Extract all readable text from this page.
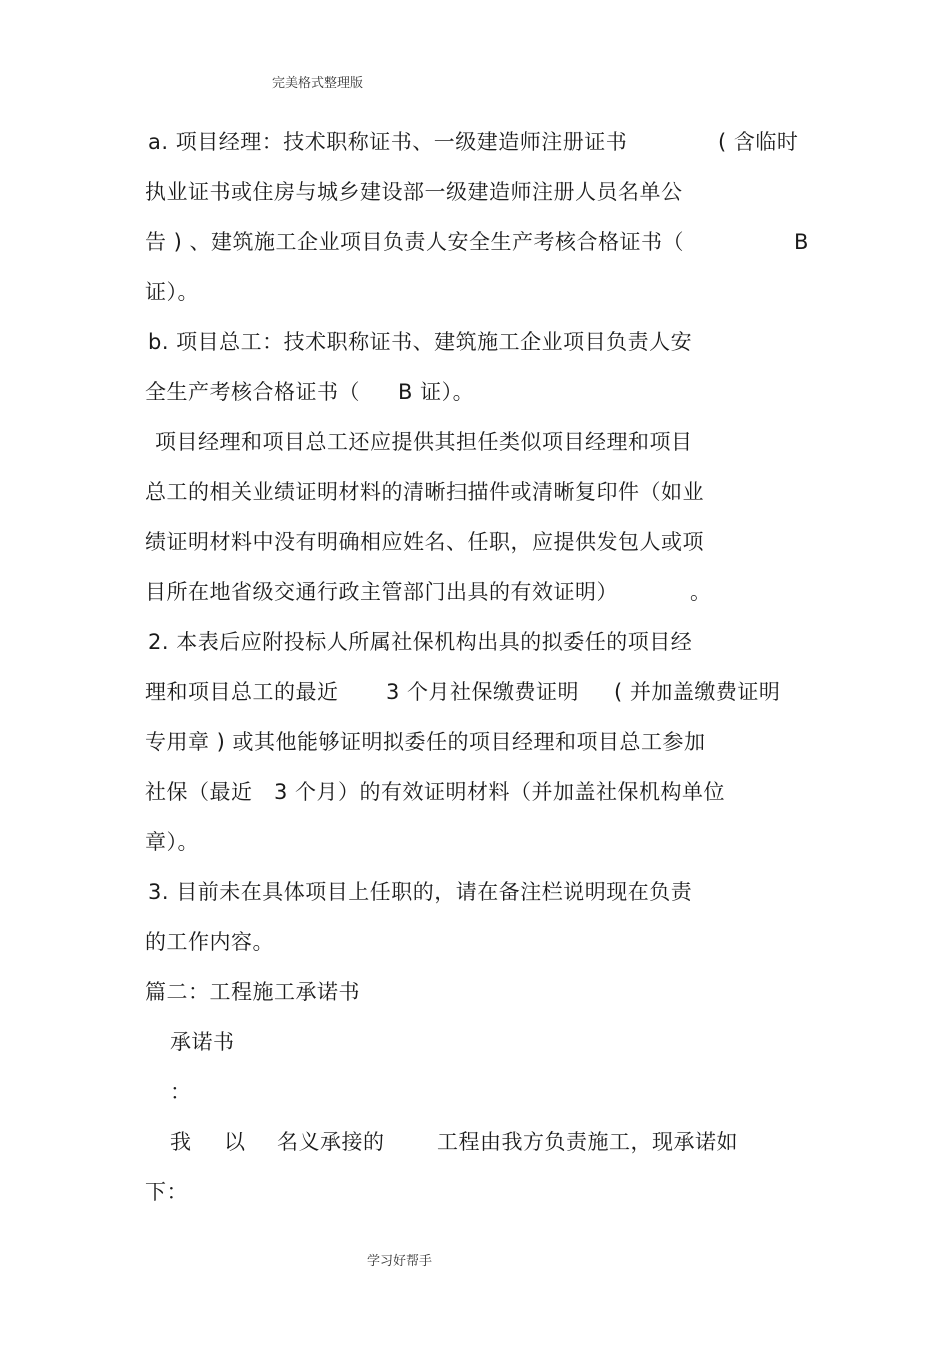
完美格式整理版
a. 项目经理：技术职称证书、一级建造师注册证书	( 含临时
执业证书或住房与城乡建设部一级建造师注册人员名单公
告 ) 、建筑施工企业项目负责人安全生产考核合格证书（	B
证）。
b. 项目总工：技术职称证书、建筑施工企业项目负责人安
全生产考核合格证书（ B 证）。
项目经理和项目总工还应提供其担任类似项目经理和项目
总工的相关业绩证明材料的清晰扫描件或清晰复印件（如业
绩证明材料中没有明确相应姓名、任职，应提供发包人或项
目所在地省级交通行政主管部门出具的有效证明）	。
2. 本表后应附投标人所属社保机构出具的拟委任的项目经
理和项目总工的最近 3 个月社保缴费证明 ( 并加盖缴费证明
专用章 ) 或其他能够证明拟委任的项目经理和项目总工参加
社保（最近 3 个月）的有效证明材料（并加盖社保机构单位
章）。
3. 目前未在具体项目上任职的，请在备注栏说明现在负责
的工作内容。
篇二：工程施工承诺书
承诺书
：
我 以 名义承接的	工程由我方负责施工，现承诺如
下：
学习好帮手
